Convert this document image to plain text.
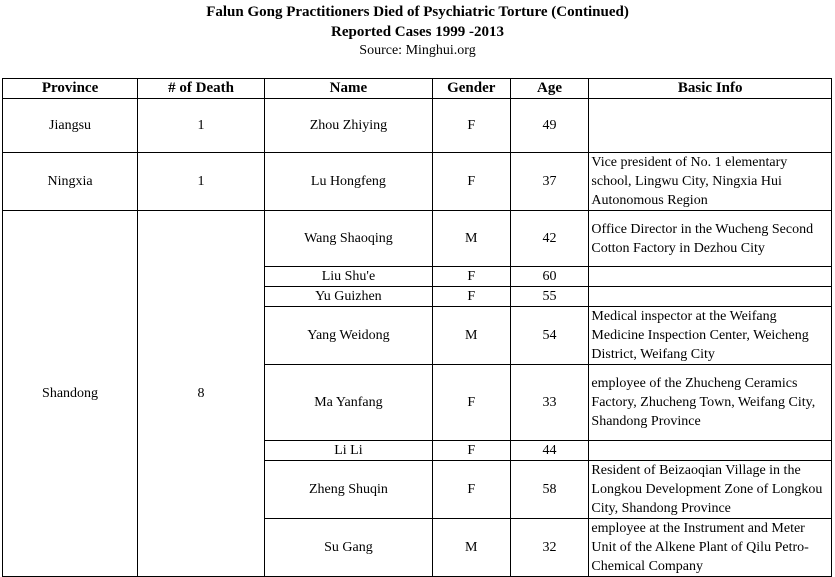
Falun Gong Practitioners Died of Psychiatric Torture (Continued)
Reported Cases 1999 -2013
Source: Minghui.org
Province	# of Death	Name	Gender	Age	Basic Info
Jiangsu	1	Zhou Zhiying	F	49	
Ningxia	1	Lu Hongfeng	F	37	Vice president of No. 1 elementary school, Lingwu City, Ningxia Hui Autonomous Region
Shandong	8	Wang Shaoqing	M	42	Office Director in the Wucheng Second Cotton Factory in Dezhou City
		Liu Shu'e	F	60	
		Yu Guizhen	F	55	
		Yang Weidong	M	54	Medical inspector at the Weifang Medicine Inspection Center, Weicheng District, Weifang City
		Ma Yanfang	F	33	employee of the Zhucheng Ceramics Factory, Zhucheng Town, Weifang City, Shandong Province
		Li Li	F	44	
		Zheng Shuqin	F	58	Resident of Beizaoqian Village in the Longkou Development Zone of Longkou City, Shandong Province
		Su Gang	M	32	employee at the Instrument and Meter Unit of the Alkene Plant of Qilu Petro-Chemical Company
